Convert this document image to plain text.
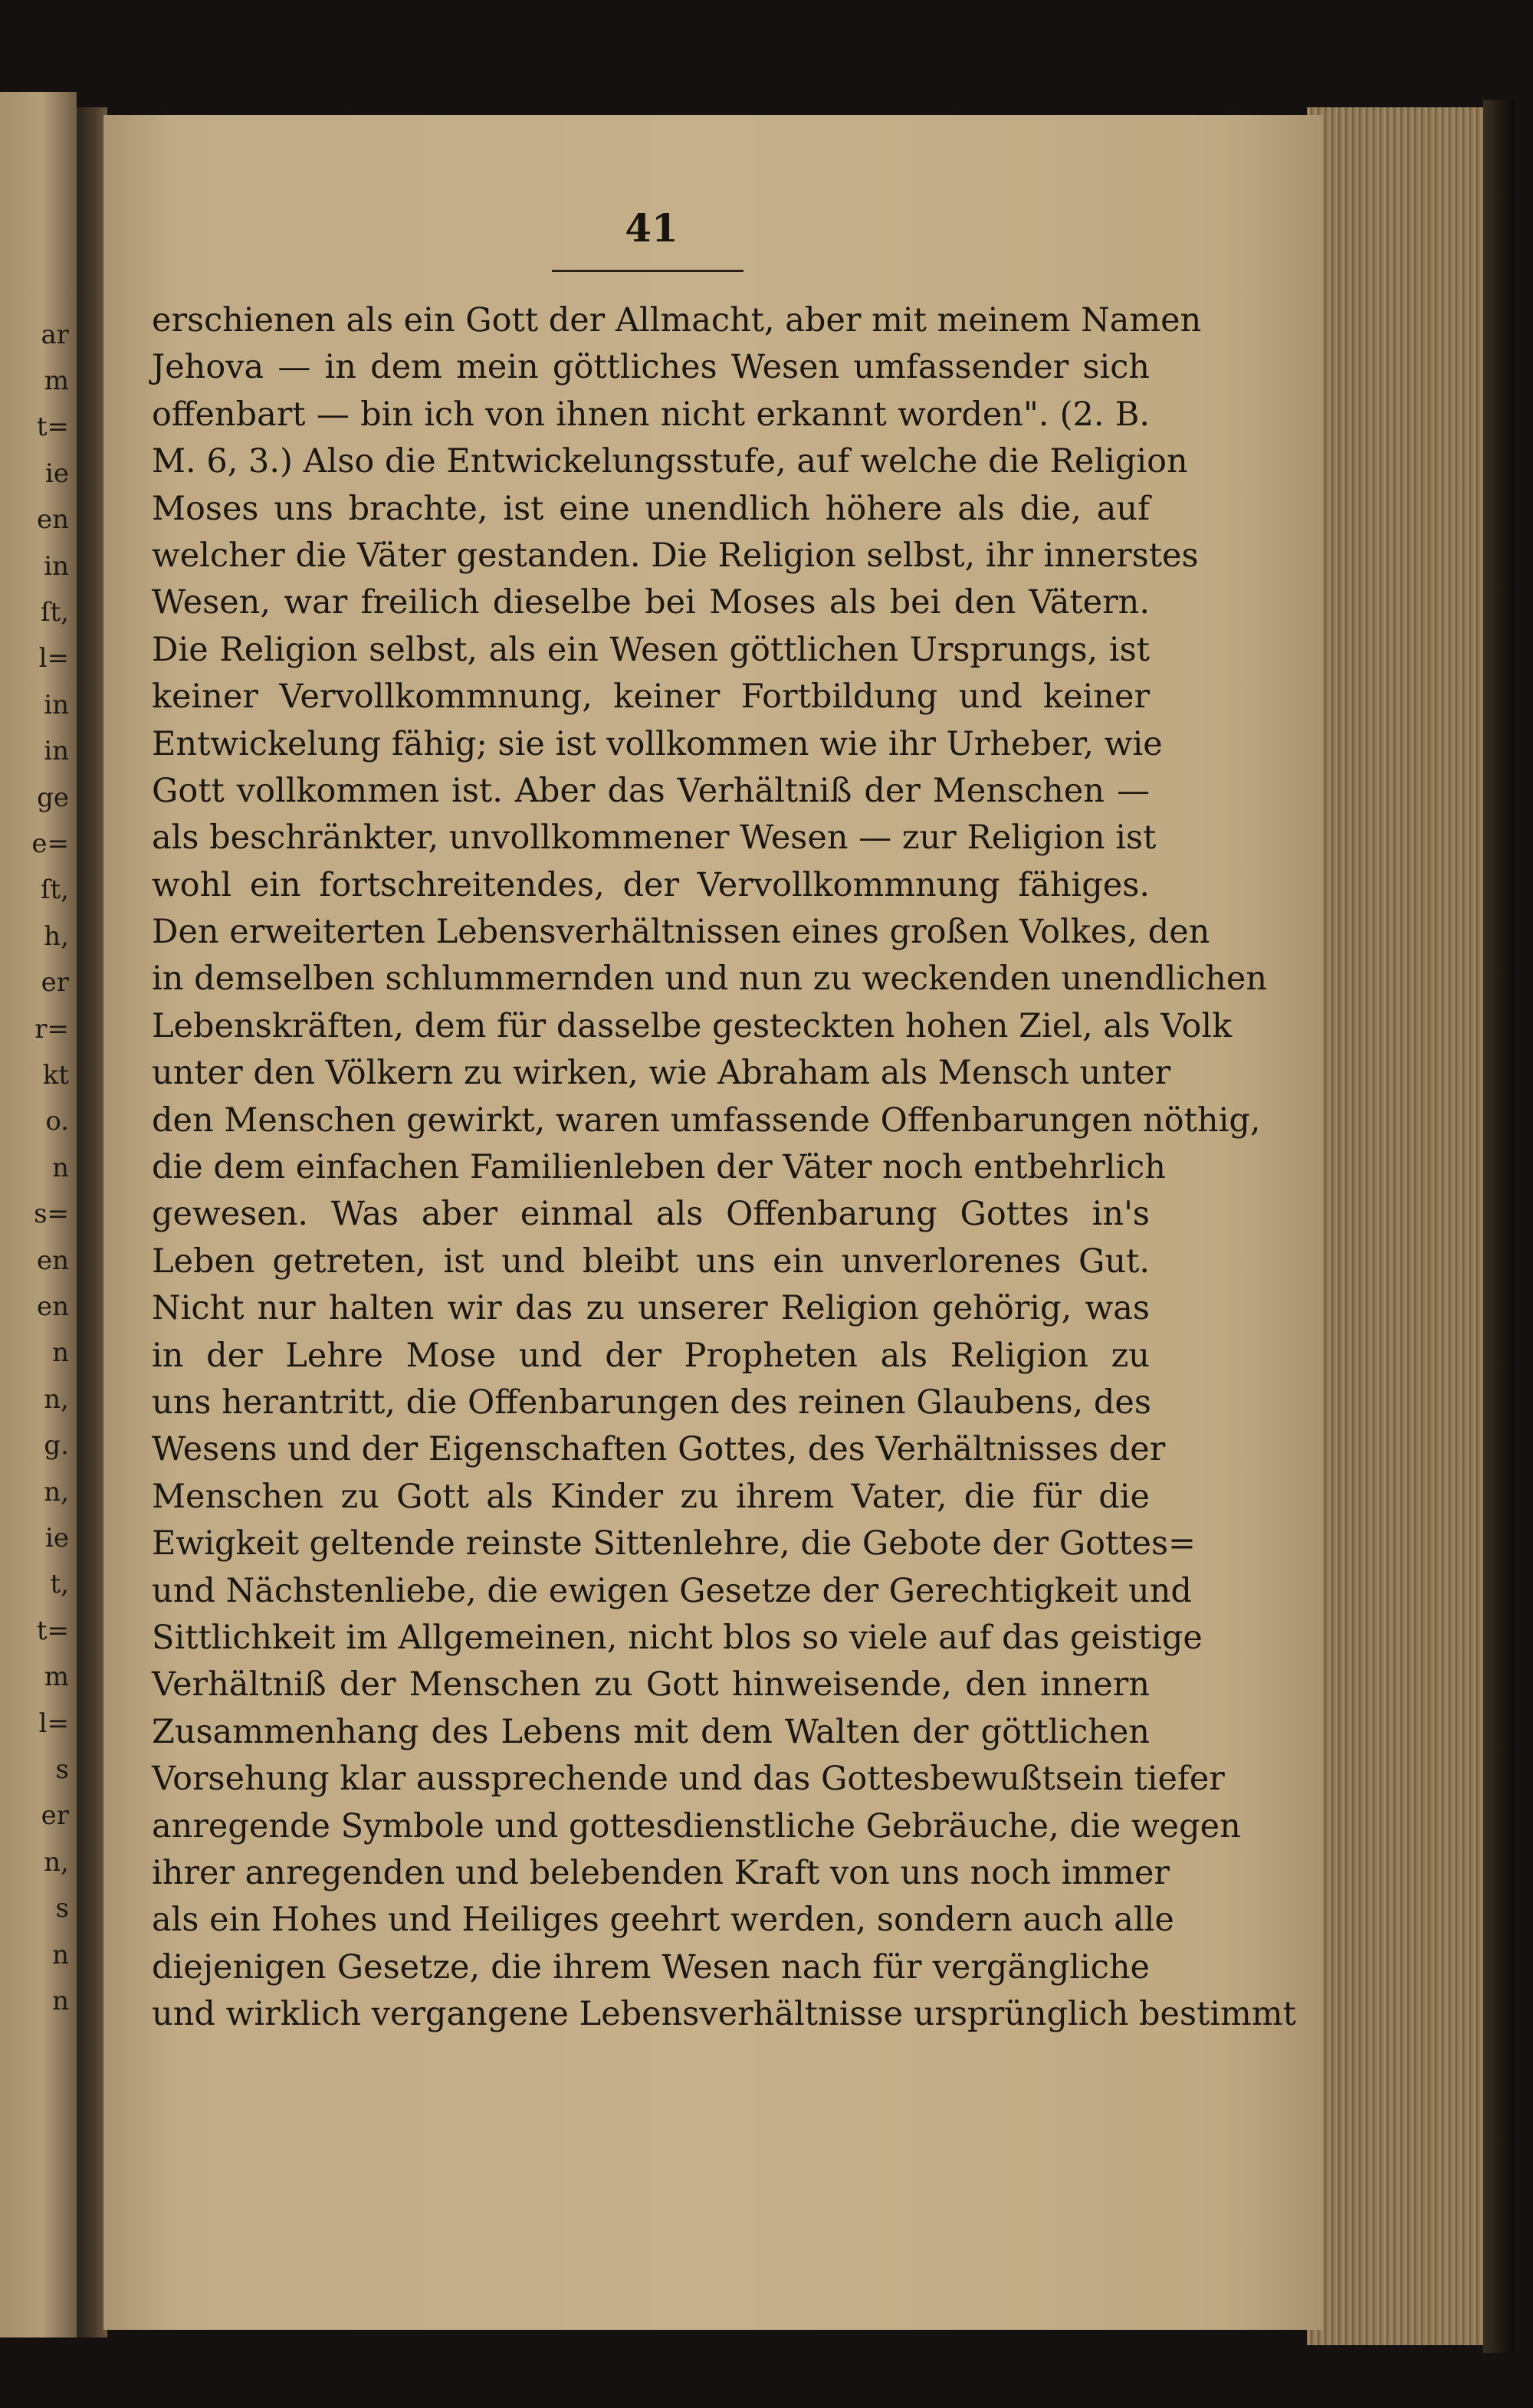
ar

m

t=

ie

en

in

ſt,

l=

in

in

ge

e=

ſt,

h,

er

r=

kt

o.

n

s=

en

en

n

n,

g.

n,

ie

t,

t=

m

l=

s

er

n,

s

n

n

41

erschienen als ein Gott der Allmacht, aber mit meinem Namen
Jehova — in dem mein göttliches Wesen umfassender sich
offenbart — bin ich von ihnen nicht erkannt worden". (2. B.
M. 6, 3.) Also die Entwickelungsstufe, auf welche die Religion
Moses uns brachte, ist eine unendlich höhere als die, auf
welcher die Väter gestanden. Die Religion selbst, ihr innerstes
Wesen, war freilich dieselbe bei Moses als bei den Vätern.
Die Religion selbst, als ein Wesen göttlichen Ursprungs, ist
keiner Vervollkommnung, keiner Fortbildung und keiner
Entwickelung fähig; sie ist vollkommen wie ihr Urheber, wie
Gott vollkommen ist. Aber das Verhältniß der Menschen —
als beschränkter, unvollkommener Wesen — zur Religion ist
wohl ein fortschreitendes, der Vervollkommnung fähiges.
Den erweiterten Lebensverhältnissen eines großen Volkes, den
in demselben schlummernden und nun zu weckenden unendlichen
Lebenskräften, dem für dasselbe gesteckten hohen Ziel, als Volk
unter den Völkern zu wirken, wie Abraham als Mensch unter
den Menschen gewirkt, waren umfassende Offenbarungen nöthig,
die dem einfachen Familienleben der Väter noch entbehrlich
gewesen. Was aber einmal als Offenbarung Gottes in's
Leben getreten, ist und bleibt uns ein unverlorenes Gut.
Nicht nur halten wir das zu unserer Religion gehörig, was
in der Lehre Mose und der Propheten als Religion zu
uns herantritt, die Offenbarungen des reinen Glaubens, des
Wesens und der Eigenschaften Gottes, des Verhältnisses der
Menschen zu Gott als Kinder zu ihrem Vater, die für die
Ewigkeit geltende reinste Sittenlehre, die Gebote der Gottes=
und Nächstenliebe, die ewigen Gesetze der Gerechtigkeit und
Sittlichkeit im Allgemeinen, nicht blos so viele auf das geistige
Verhältniß der Menschen zu Gott hinweisende, den innern
Zusammenhang des Lebens mit dem Walten der göttlichen
Vorsehung klar aussprechende und das Gottesbewußtsein tiefer
anregende Symbole und gottesdienstliche Gebräuche, die wegen
ihrer anregenden und belebenden Kraft von uns noch immer
als ein Hohes und Heiliges geehrt werden, sondern auch alle
diejenigen Gesetze, die ihrem Wesen nach für vergängliche
und wirklich vergangene Lebensverhältnisse ursprünglich bestimmt
